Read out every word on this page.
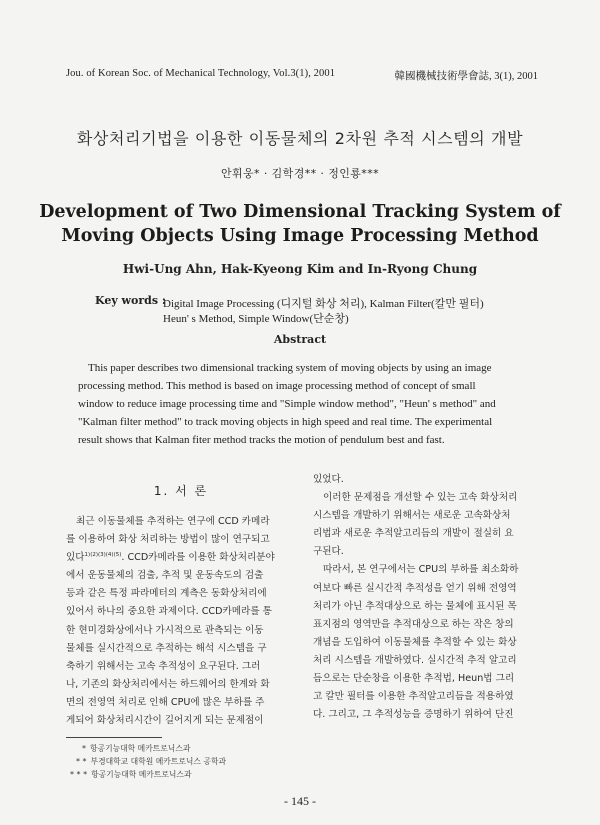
Jou. of Korean Soc. of Mechanical Technology, Vol.3(1), 2001	韓國機械技術學會誌, 3(1), 2001
화상처리기법을 이용한 이동물체의 2차원 추적 시스템의 개발
안휘웅* · 김학경** · 정인룡***
Development of Two Dimensional Tracking System of
Moving Objects Using Image Processing Method
Hwi-Ung Ahn, Hak-Kyeong Kim and In-Ryong Chung
Key words :
Digital Image Processing (디지털 화상 처리), Kalman Filter(칼만 필터)
Heun' s Method, Simple Window(단순창)
Abstract

This paper describes two dimensional tracking system of moving objects by using an image

processing method. This method is based on image processing method of concept of small

window to reduce image processing time and "Simple window method", "Heun' s method" and

"Kalman filter method" to track moving objects in high speed and real time. The experimental

result shows that Kalman fiter method tracks the motion of pendulum best and fast.

1. 서 론

최근 이동물체를 추적하는 연구에 CCD 카메라

를 이용하여 화상 처리하는 방법이 많이 연구되고

있다$^{1)(2)(3)(4)(5)}$. CCD카메라를 이용한 화상처리분야

에서 운동물체의 검출, 추적 및 운동속도의 검출

등과 같은 특정 파라메터의 계측은 동화상처리에

있어서 하나의 중요한 과제이다. CCD카메라를 통

한 현미경화상에서나 가시적으로 관측되는 이동

물체를 실시간적으로 추적하는 해석 시스템을 구

축하기 위해서는 고속 추적성이 요구된다. 그러

나, 기존의 화상처리에서는 하드웨어의 한계와 화

면의 전영역 처리로 인해 CPU에 많은 부하를 주

게되어 화상처리시간이 길어지게 되는 문제점이

있었다.

이러한 문제점을 개선할 수 있는 고속 화상처리

시스템을 개발하기 위해서는 새로운 고속화상처

리법과 새로운 추적알고리듬의 개발이 절실히 요

구된다.

따라서, 본 연구에서는 CPU의 부하를 최소화하

여보다 빠른 실시간적 추적성을 얻기 위해 전영역

처리가 아닌 추적대상으로 하는 물체에 표시된 목

표지점의 영역만을 추적대상으로 하는 작은 창의

개념을 도입하여 이동물체를 추적할 수 있는 화상

처리 시스템을 개발하였다. 실시간적 추적 알고리

듬으로는 단순창을 이용한 추적법, Heun법 그리

고 칼만 필터를 이용한 추적알고리듬을 적용하였

다. 그리고, 그 추적성능을 증명하기 위하여 단진

* 항공기능대학 메카트로닉스과

* * 부경대학교 대학원 메카트로닉스 공학과

* * * 항공기능대학 메카트로닉스과

- 145 -
